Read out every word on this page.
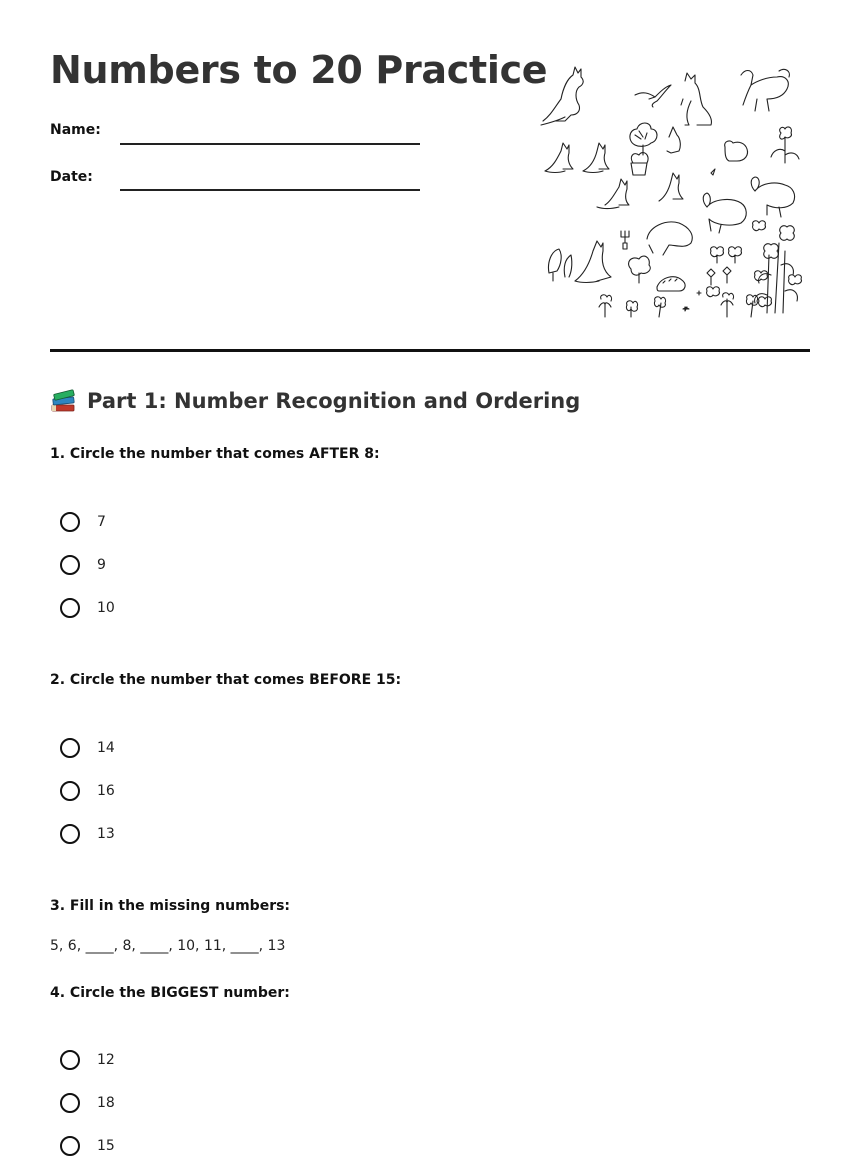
Numbers to 20 Practice
Name:
Date:
Part 1: Number Recognition and Ordering

1. Circle the number that comes AFTER 8:

7
9
10

2. Circle the number that comes BEFORE 15:

14
16
13

3. Fill in the missing numbers:

5, 6, ____, 8, ____, 10, 11, ____, 13

4. Circle the BIGGEST number:

12
18
15
